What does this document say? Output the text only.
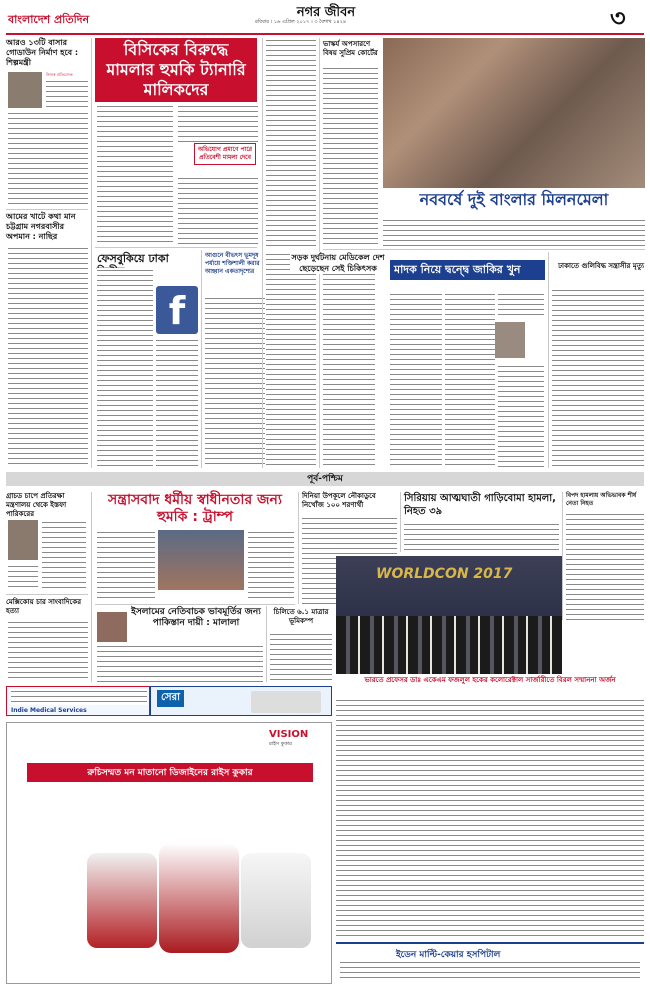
বাংলাদেশ প্রতিদিন	নগর জীবন
রবিবার । ১৬ এপ্রিল ২০১৭ । ৩ বৈশাখ ১৪২৪	৩
আরও ১৩টি বাসার গোডাউন নির্মাণ হবে : শিল্পমন্ত্রী
নিজস্ব প্রতিবেদক
আমের খাটে কথা মান চট্টগ্রাম নগরবাসীর অপমান : নাছির
বিসিকের বিরুদ্ধে মামলার হুমকি ট্যানারি মালিকদের
অভিযোগ প্রমাণে পারে প্রতিবেশী মামলা দেবে
ফেসবুকিয়ে ঢাকা
f
আগুনে বীভৎস ভূমদূষ পর্যায়ে শক্তিশালী করার আহ্বান একতাদৃশ্যের
ভাস্কর্য অপসারণে বিষয় সুপ্রিম কোর্টের
নববর্ষে দুই বাংলার মিলনমেলা
সড়ক দুর্ঘটনায় মেডিকেল দেশ ছেড়েছেন সেই চিকিৎসক	মাদক নিয়ে দ্বন্দ্বে জাকির খুন	ঢাকাতে গুলিবিদ্ধ সন্ত্রাসীর মৃত্যু
পূর্ব-পশ্চিম
গ্রাচড চাপে প্রতিরক্ষা মন্ত্রণালয় থেকে ইস্তফা পারিকরের
মেক্সিকোয় চার সাংবাদিকের হত্যা
সন্ত্রাসবাদ ধর্মীয় স্বাধীনতার জন্য হুমকি : ট্রাম্প
ইসলামের নেতিবাচক ভাবমূর্তির জন্য পাকিস্তান দায়ী : মালালা
চিলিতে ৬.১ মাত্রার ভূমিকম্প
দিনিয়া উপকূলে নৌকাডুবে নিখোঁজ ১০০ শরণার্থী
সিরিয়ায় আত্মঘাতী গাড়িবোমা হামলা, নিহত ৩৯
বিপদ হামলায় অভিভাবক শীর্ষ নেতা নিহত
WORLDCON 2017
Indie Medical Services
সেরা
ভারতে প্রফেসর ডাঃ একেএম ফজলুল হকের কলোরেক্টাল সার্জারীতে বিরল সম্মাননা অর্জন
VISION
রাইস কুকার
রুচিসম্মত মন মাতানো ডিজাইনের রাইস কুকার
ইডেন মাল্টি-কেয়ার হসপিটাল
